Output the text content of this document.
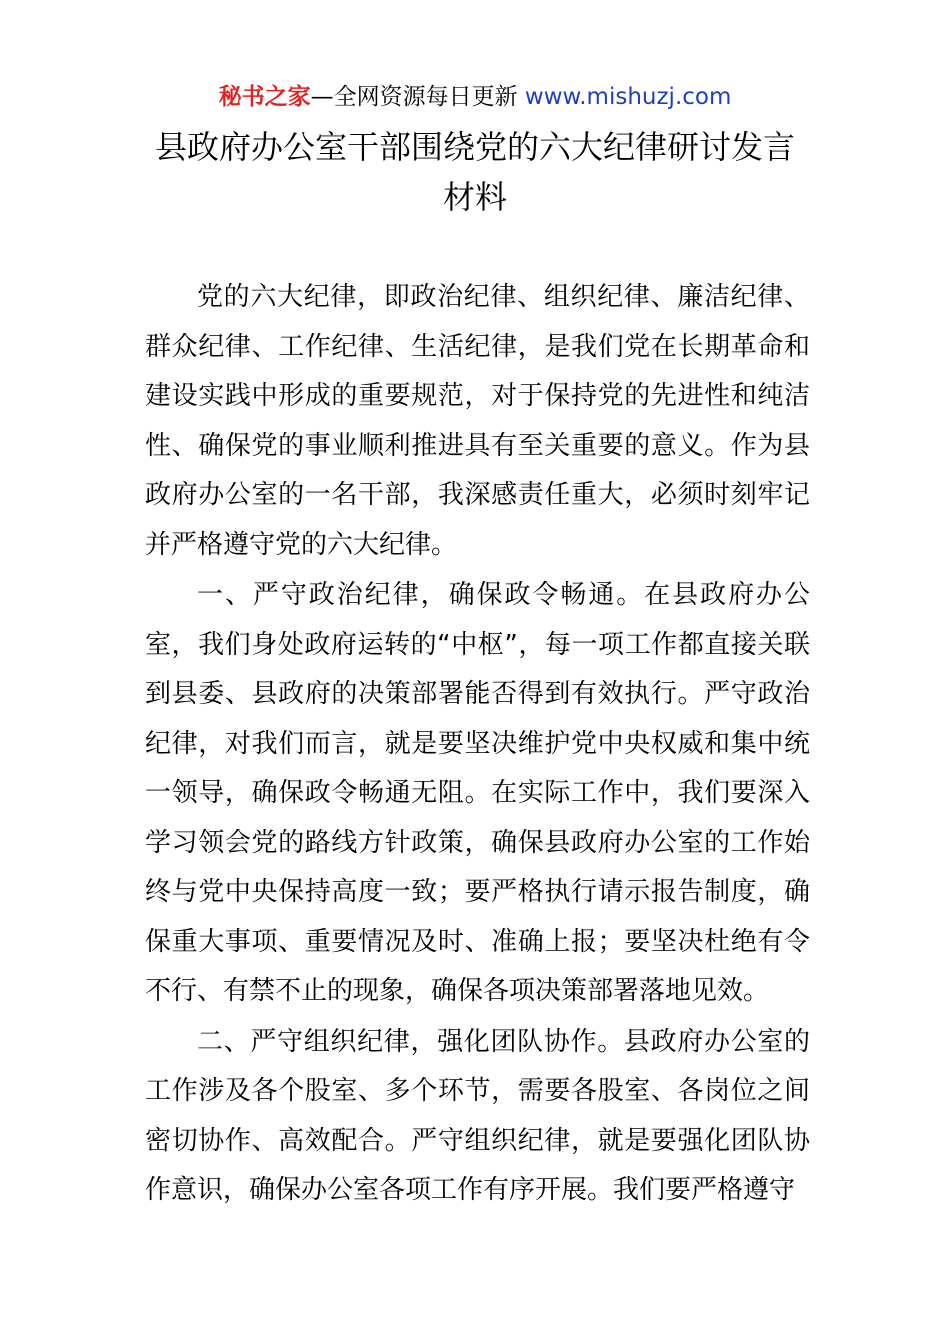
秘书之家—全网资源每日更新 www.mishuzj.com
县政府办公室干部围绕党的六大纪律研讨发言
材料

党的六大纪律，即政治纪律、组织纪律、廉洁纪律、群众纪律、工作纪律、生活纪律，是我们党在长期革命和建设实践中形成的重要规范，对于保持党的先进性和纯洁性、确保党的事业顺利推进具有至关重要的意义。作为县政府办公室的一名干部，我深感责任重大，必须时刻牢记并严格遵守党的六大纪律。

一、严守政治纪律，确保政令畅通。在县政府办公室，我们身处政府运转的“中枢”，每一项工作都直接关联到县委、县政府的决策部署能否得到有效执行。严守政治纪律，对我们而言，就是要坚决维护党中央权威和集中统一领导，确保政令畅通无阻。在实际工作中，我们要深入学习领会党的路线方针政策，确保县政府办公室的工作始终与党中央保持高度一致；要严格执行请示报告制度，确保重大事项、重要情况及时、准确上报；要坚决杜绝有令不行、有禁不止的现象，确保各项决策部署落地见效。

二、严守组织纪律，强化团队协作。县政府办公室的工作涉及各个股室、多个环节，需要各股室、各岗位之间密切协作、高效配合。严守组织纪律，就是要强化团队协作意识，确保办公室各项工作有序开展。我们要严格遵守
